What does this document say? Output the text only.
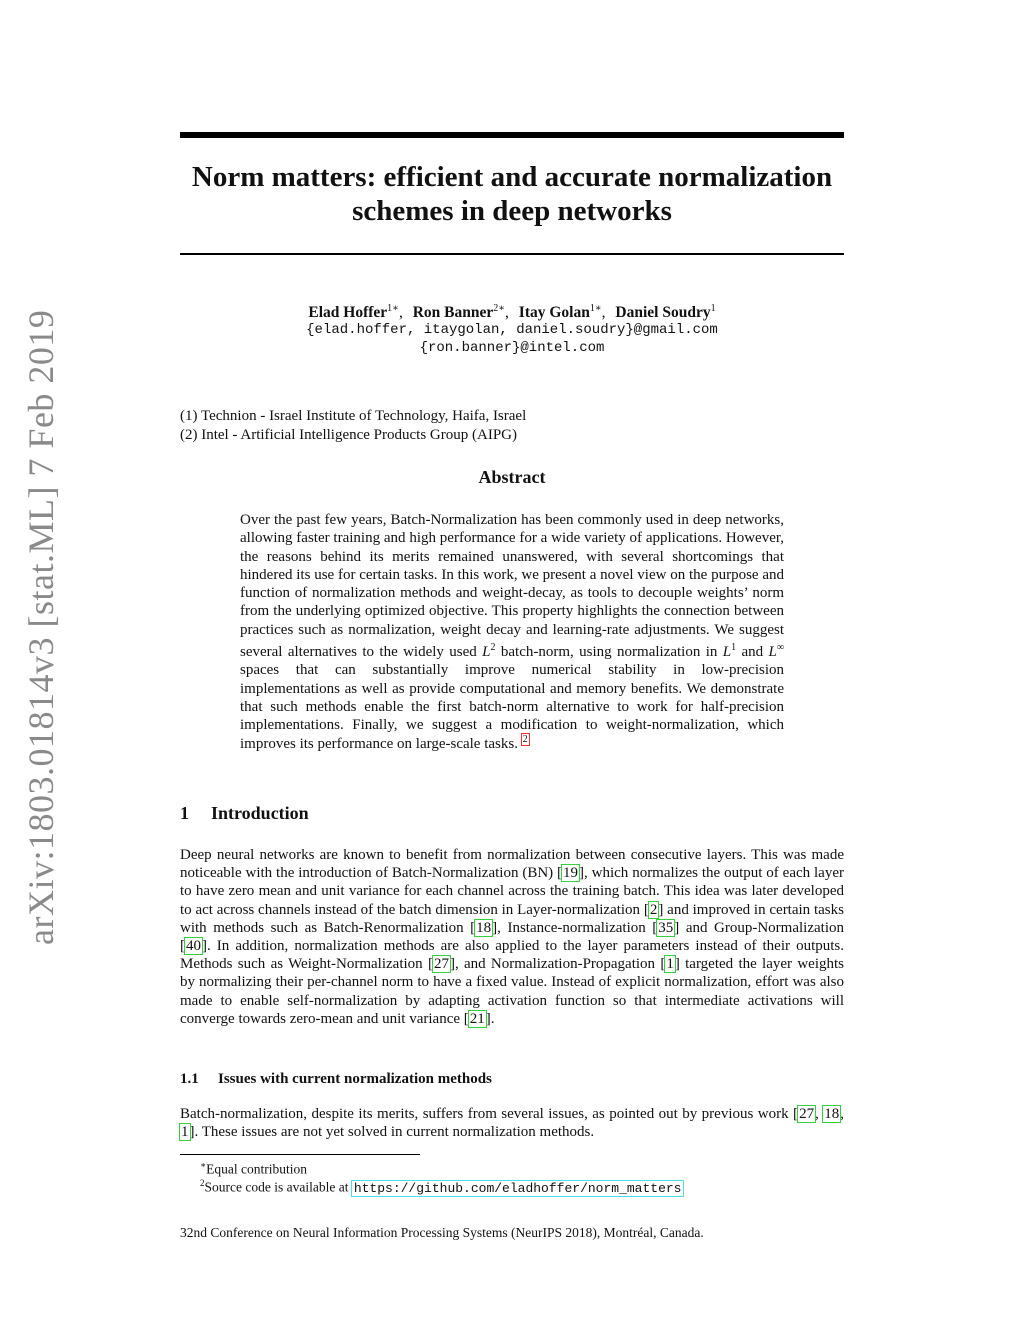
arXiv:1803.01814v3 [stat.ML] 7 Feb 2019
Norm matters: efficient and accurate normalization
schemes in deep networks
Elad Hoffer$^{1∗}$, Ron Banner$^{2∗}$, Itay Golan$^{1∗}$, Daniel Soudry$^1$
{elad.hoffer, itaygolan, daniel.soudry}@gmail.com
{ron.banner}@intel.com
(1) Technion - Israel Institute of Technology, Haifa, Israel
(2) Intel - Artificial Intelligence Products Group (AIPG)
Abstract
Over the past few years, Batch-Normalization has been commonly used in deep networks, allowing faster training and high performance for a wide variety of applications. However, the reasons behind its merits remained unanswered, with several shortcomings that hindered its use for certain tasks. In this work, we present a novel view on the purpose and function of normalization methods and weight-decay, as tools to decouple weights’ norm from the underlying optimized objective. This property highlights the connection between practices such as normalization, weight decay and learning-rate adjustments. We suggest several alternatives to the widely used $L^2$ batch-norm, using normalization in $L^1$ and L∞ spaces that can substantially improve numerical stability in low-precision implementations as well as provide computational and memory benefits. We demonstrate that such methods enable the first batch-norm alternative to work for half-precision implementations. Finally, we suggest a modification to weight-normalization, which improves its performance on large-scale tasks. $^2$
1 Introduction
Deep neural networks are known to benefit from normalization between consecutive layers. This was made noticeable with the introduction of Batch-Normalization (BN) [19], which normalizes the output of each layer to have zero mean and unit variance for each channel across the training batch. This idea was later developed to act across channels instead of the batch dimension in Layer-normalization [2] and improved in certain tasks with methods such as Batch-Renormalization [18], Instance-normalization [35] and Group-Normalization [40]. In addition, normalization methods are also applied to the layer parameters instead of their outputs. Methods such as Weight-Normalization [27], and Normalization-Propagation [1] targeted the layer weights by normalizing their per-channel norm to have a fixed value. Instead of explicit normalization, effort was also made to enable self-normalization by adapting activation function so that intermediate activations will converge towards zero-mean and unit variance [21].
1.1 Issues with current normalization methods
Batch-normalization, despite its merits, suffers from several issues, as pointed out by previous work [27, 18, 1]. These issues are not yet solved in current normalization methods.
∗Equal contribution
$^2$Source code is available at https://github.com/eladhoffer/norm_matters
32nd Conference on Neural Information Processing Systems (NeurIPS 2018), Montréal, Canada.
